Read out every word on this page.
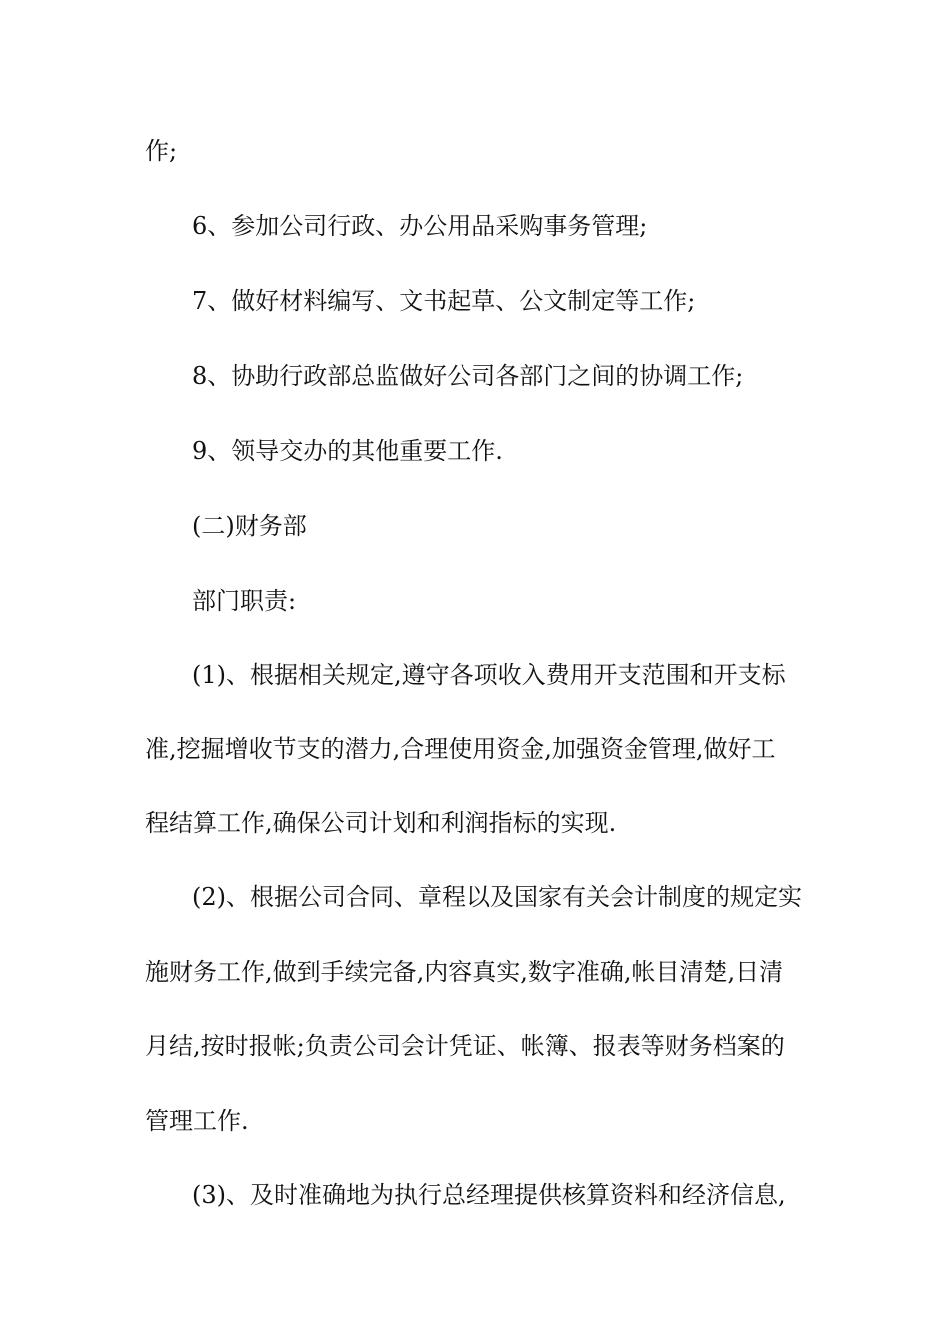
作;
6、参加公司行政、办公用品采购事务管理;
7、做好材料编写、文书起草、公文制定等工作;
8、协助行政部总监做好公司各部门之间的协调工作;
9、领导交办的其他重要工作.
(二)财务部
部门职责:
(1)、根据相关规定,遵守各项收入费用开支范围和开支标
准,挖掘增收节支的潜力,合理使用资金,加强资金管理,做好工
程结算工作,确保公司计划和利润指标的实现.
(2)、根据公司合同、章程以及国家有关会计制度的规定实
施财务工作,做到手续完备,内容真实,数字准确,帐目清楚,日清
月结,按时报帐;负责公司会计凭证、帐簿、报表等财务档案的
管理工作.
(3)、及时准确地为执行总经理提供核算资料和经济信息,
